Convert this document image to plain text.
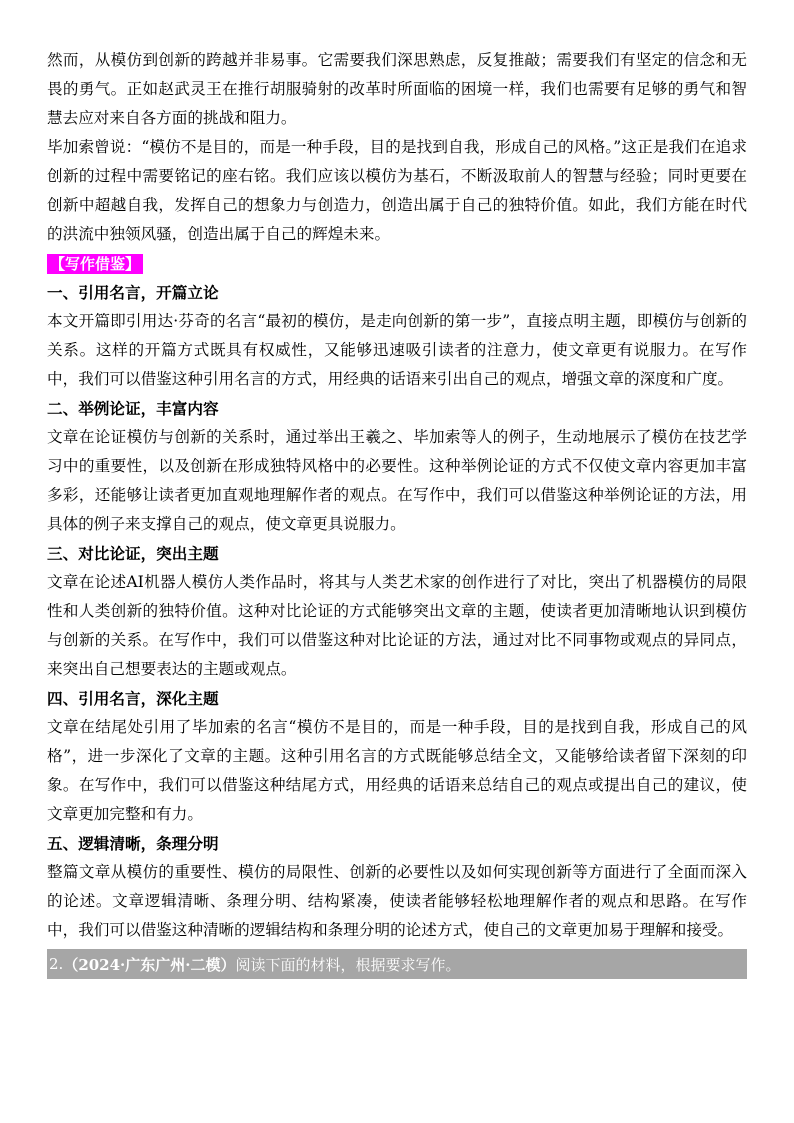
然而，从模仿到创新的跨越并非易事。它需要我们深思熟虑，反复推敲；需要我们有坚定的信念和无畏的勇气。正如赵武灵王在推行胡服骑射的改革时所面临的困境一样，我们也需要有足够的勇气和智慧去应对来自各方面的挑战和阻力。

毕加索曾说：“模仿不是目的，而是一种手段，目的是找到自我，形成自己的风格。”这正是我们在追求创新的过程中需要铭记的座右铭。我们应该以模仿为基石，不断汲取前人的智慧与经验；同时更要在创新中超越自我，发挥自己的想象力与创造力，创造出属于自己的独特价值。如此，我们方能在时代的洪流中独领风骚，创造出属于自己的辉煌未来。

【写作借鉴】
一、引用名言，开篇立论

本文开篇即引用达·芬奇的名言“最初的模仿，是走向创新的第一步”，直接点明主题，即模仿与创新的关系。这样的开篇方式既具有权威性，又能够迅速吸引读者的注意力，使文章更有说服力。在写作中，我们可以借鉴这种引用名言的方式，用经典的话语来引出自己的观点，增强文章的深度和广度。

二、举例论证，丰富内容

文章在论证模仿与创新的关系时，通过举出王羲之、毕加索等人的例子，生动地展示了模仿在技艺学习中的重要性，以及创新在形成独特风格中的必要性。这种举例论证的方式不仅使文章内容更加丰富多彩，还能够让读者更加直观地理解作者的观点。在写作中，我们可以借鉴这种举例论证的方法，用具体的例子来支撑自己的观点，使文章更具说服力。

三、对比论证，突出主题

文章在论述AI机器人模仿人类作品时，将其与人类艺术家的创作进行了对比，突出了机器模仿的局限性和人类创新的独特价值。这种对比论证的方式能够突出文章的主题，使读者更加清晰地认识到模仿与创新的关系。在写作中，我们可以借鉴这种对比论证的方法，通过对比不同事物或观点的异同点，来突出自己想要表达的主题或观点。

四、引用名言，深化主题

文章在结尾处引用了毕加索的名言“模仿不是目的，而是一种手段，目的是找到自我，形成自己的风格”，进一步深化了文章的主题。这种引用名言的方式既能够总结全文，又能够给读者留下深刻的印象。在写作中，我们可以借鉴这种结尾方式，用经典的话语来总结自己的观点或提出自己的建议，使文章更加完整和有力。

五、逻辑清晰，条理分明

整篇文章从模仿的重要性、模仿的局限性、创新的必要性以及如何实现创新等方面进行了全面而深入的论述。文章逻辑清晰、条理分明、结构紧凑，使读者能够轻松地理解作者的观点和思路。在写作中，我们可以借鉴这种清晰的逻辑结构和条理分明的论述方式，使自己的文章更加易于理解和接受。

2. （2024·广东广州·二模） 阅读下面的材料，根据要求写作。
